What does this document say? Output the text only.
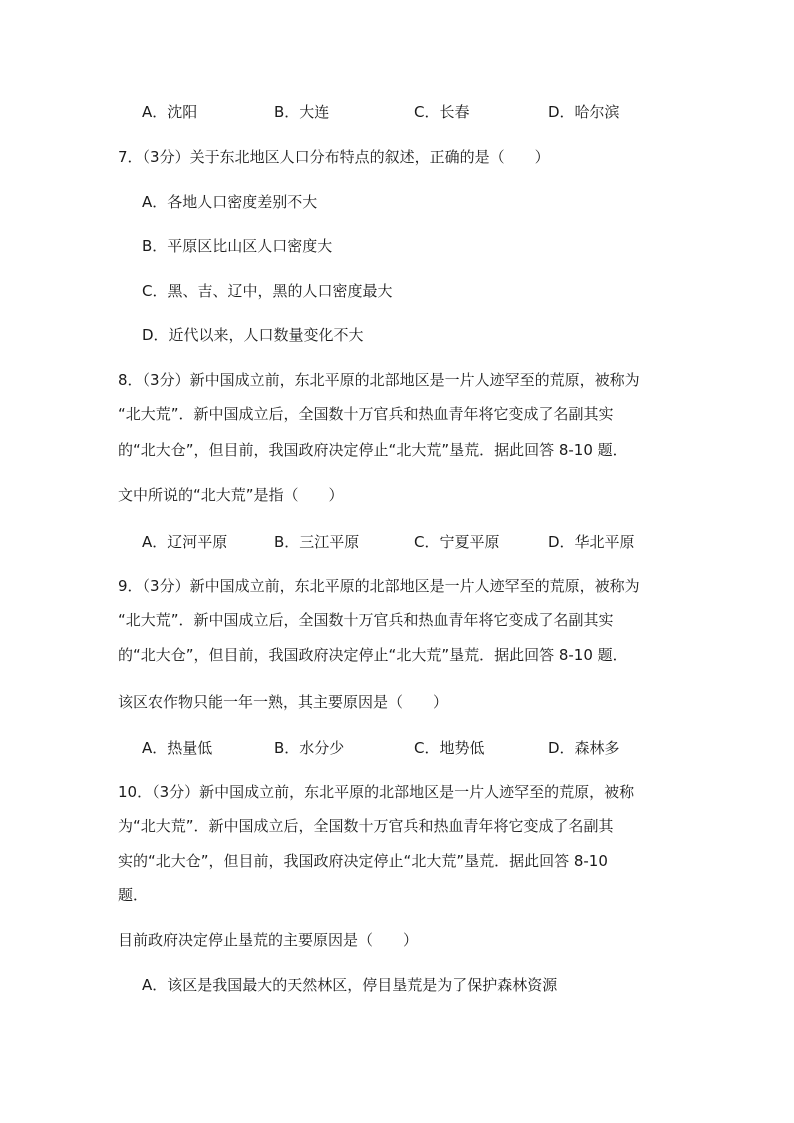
A．沈阳	B．大连	C．长春	D．哈尔滨
7．（3分）关于东北地区人口分布特点的叙述，正确的是（　　）
A．各地人口密度差别不大
B．平原区比山区人口密度大
C．黑、吉、辽中，黑的人口密度最大
D．近代以来，人口数量变化不大
8．（3分）新中国成立前，东北平原的北部地区是一片人迹罕至的荒原，被称为
“北大荒”．新中国成立后，全国数十万官兵和热血青年将它变成了名副其实
的“北大仓”，但目前，我国政府决定停止“北大荒”垦荒．据此回答 8-10 题．
文中所说的“北大荒”是指（　　）
A．辽河平原	B．三江平原	C．宁夏平原	D．华北平原
9．（3分）新中国成立前，东北平原的北部地区是一片人迹罕至的荒原，被称为
“北大荒”．新中国成立后，全国数十万官兵和热血青年将它变成了名副其实
的“北大仓”，但目前，我国政府决定停止“北大荒”垦荒．据此回答 8-10 题．
该区农作物只能一年一熟，其主要原因是（　　）
A．热量低	B．水分少	C．地势低	D．森林多
10．（3分）新中国成立前，东北平原的北部地区是一片人迹罕至的荒原，被称
为“北大荒”．新中国成立后，全国数十万官兵和热血青年将它变成了名副其
实的“北大仓”，但目前，我国政府决定停止“北大荒”垦荒．据此回答 8-10
题．
目前政府决定停止垦荒的主要原因是（　　）
A．该区是我国最大的天然林区，停目垦荒是为了保护森林资源
